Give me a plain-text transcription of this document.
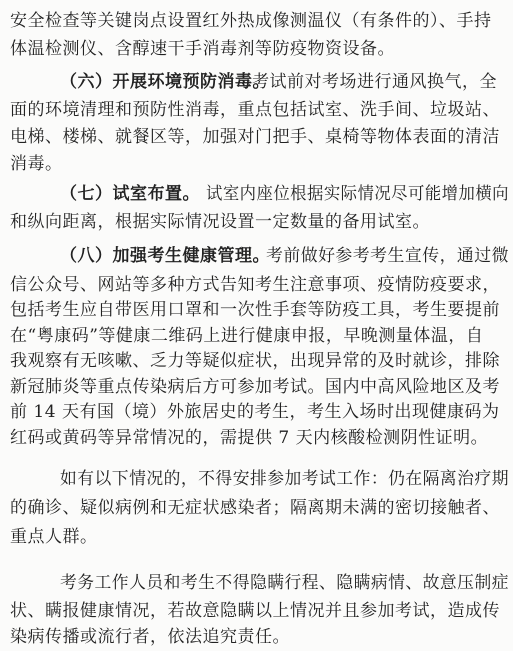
安全检查等关键岗点设置红外热成像测温仪（有条件的）、手持
体温检测仪、含醇速干手消毒剂等防疫物资设备。
（六）开展环境预防消毒。
考试前对考场进行通风换气，全
面的环境清理和预防性消毒，重点包括试室、洗手间、垃圾站、
电梯、楼梯、就餐区等，加强对门把手、桌椅等物体表面的清洁
消毒。
（七）试室布置。 试室内座位根据实际情况尽可能增加横向
和纵向距离，根据实际情况设置一定数量的备用试室。
（八）加强考生健康管理。
考前做好参考考生宣传，通过微
信公众号、网站等多种方式告知考生注意事项、疫情防疫要求，
包括考生应自带医用口罩和一次性手套等防疫工具，考生要提前
在“粤康码”等健康二维码上进行健康申报，早晚测量体温，自
我观察有无咳嗽、乏力等疑似症状，出现异常的及时就诊，排除
新冠肺炎等重点传染病后方可参加考试。国内中高风险地区及考
前 14 天有国（境）外旅居史的考生，考生入场时出现健康码为
红码或黄码等异常情况的，需提供 7 天内核酸检测阴性证明。
如有以下情况的，不得安排参加考试工作：仍在隔离治疗期
的确诊、疑似病例和无症状感染者；隔离期未满的密切接触者、
重点人群。
考务工作人员和考生不得隐瞒行程、隐瞒病情、故意压制症
状、瞒报健康情况，若故意隐瞒以上情况并且参加考试，造成传
染病传播或流行者，依法追究责任。
